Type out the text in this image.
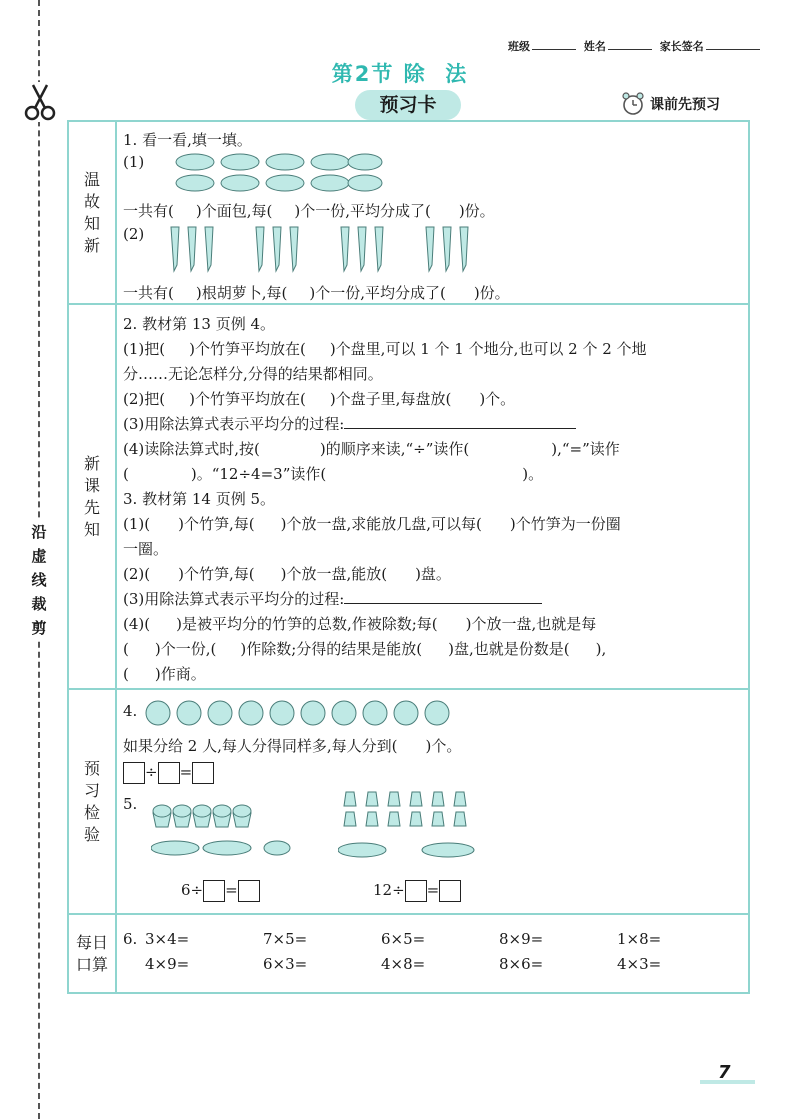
沿虚线裁剪
班级	姓名	家长签名
第2节 除  法
预习卡	课前先预习
温故知新
1. 看一看,填一填。
(1)
一共有( )个面包,每( )个一份,平均分成了( )份。
(2)
一共有( )根胡萝卜,每( )个一份,平均分成了( )份。
新课先知
2. 教材第 13 页例 4。
(1)把( )个竹笋平均放在( )个盘里,可以 1 个 1 个地分,也可以 2 个 2 个地
分……无论怎样分,分得的结果都相同。
(2)把( )个竹笋平均放在( )个盘子里,每盘放( )个。
(3)用除法算式表示平均分的过程:
(4)读除法算式时,按(	)的顺序来读,“÷”读作(	),“=”读作
(	)。“12÷4=3”读作(	)。
3. 教材第 14 页例 5。
(1)( )个竹笋,每( )个放一盘,求能放几盘,可以每( )个竹笋为一份圈
一圈。
(2)( )个竹笋,每( )个放一盘,能放( )盘。
(3)用除法算式表示平均分的过程:
(4)( )是被平均分的竹笋的总数,作被除数;每( )个放一盘,也就是每
( )个一份,( )作除数;分得的结果是能放( )盘,也就是份数是( ),
( )作商。
预习检验
4.
如果分给 2 人,每人分得同样多,每人分到( )个。
÷ =
5.
6÷ =	12÷ =
每日口算
6. 3×4=	7×5=	6×5=	8×9=	1×8=
4×9=	6×3=	4×8=	8×6=	4×3=
7
